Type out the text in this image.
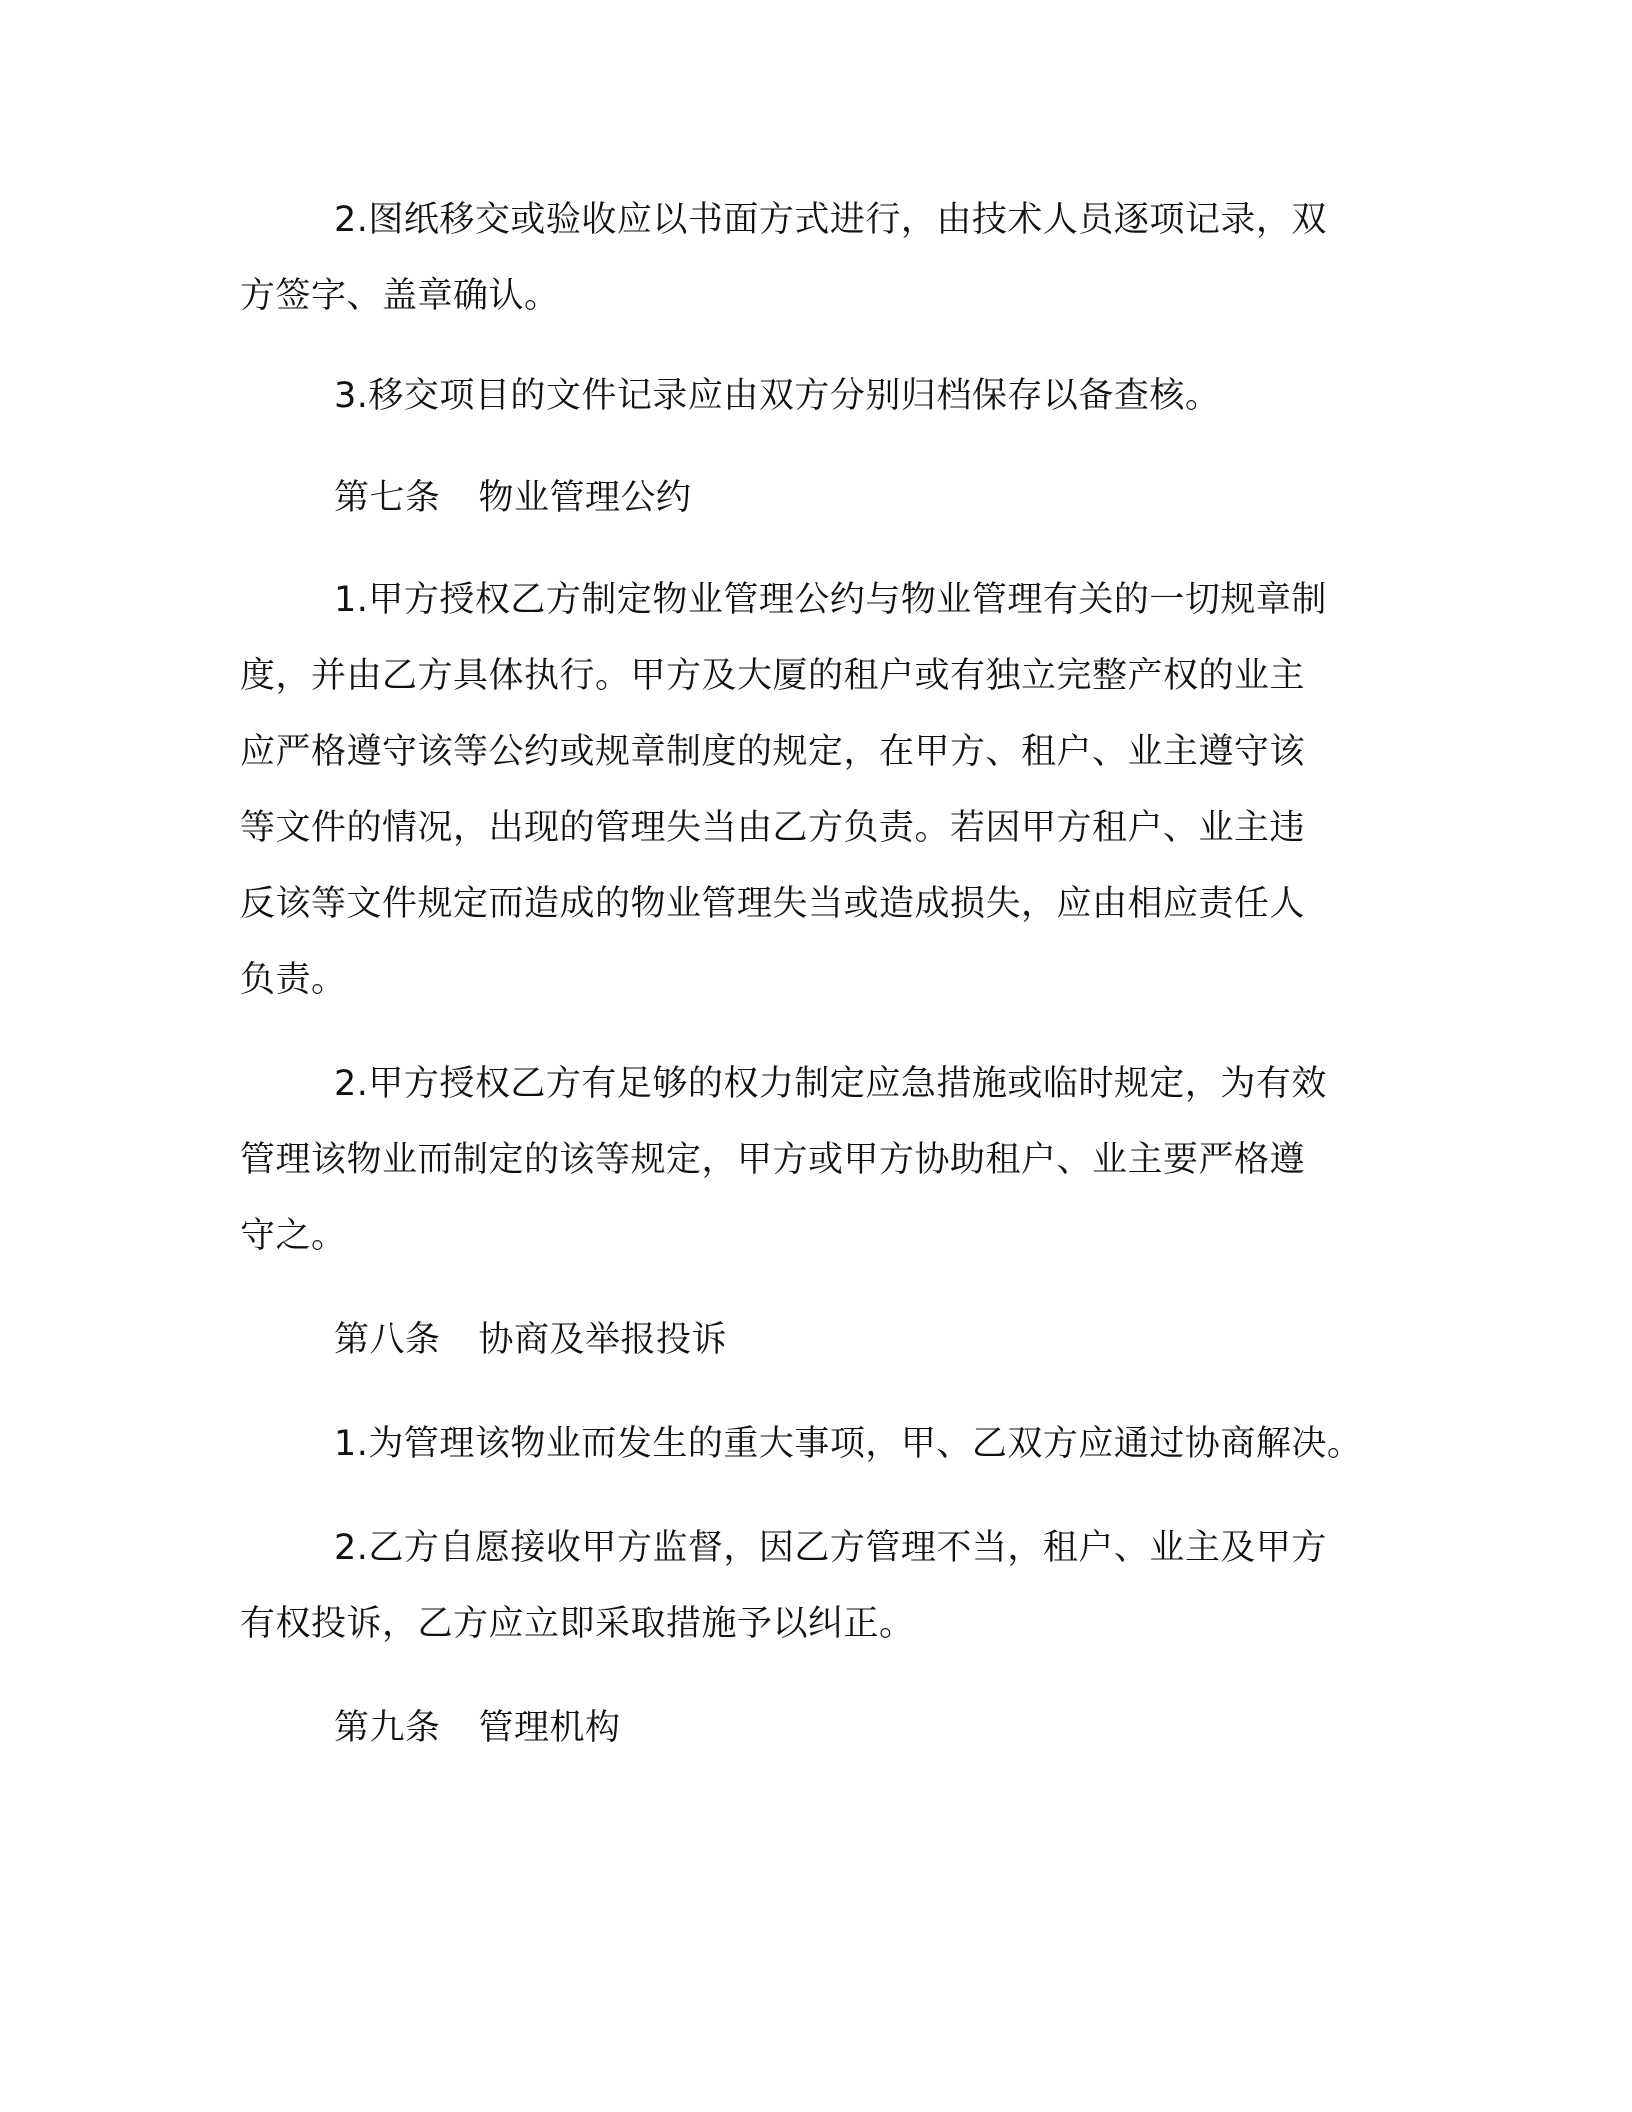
2.图纸移交或验收应以书面方式进行，由技术人员逐项记录，双
方签字、盖章确认。
3.移交项目的文件记录应由双方分别归档保存以备查核。
第七条 物业管理公约
1.甲方授权乙方制定物业管理公约与物业管理有关的一切规章制
度，并由乙方具体执行。甲方及大厦的租户或有独立完整产权的业主
应严格遵守该等公约或规章制度的规定，在甲方、租户、业主遵守该
等文件的情况，出现的管理失当由乙方负责。若因甲方租户、业主违
反该等文件规定而造成的物业管理失当或造成损失，应由相应责任人
负责。
2.甲方授权乙方有足够的权力制定应急措施或临时规定，为有效
管理该物业而制定的该等规定，甲方或甲方协助租户、业主要严格遵
守之。
第八条 协商及举报投诉
1.为管理该物业而发生的重大事项，甲、乙双方应通过协商解决。
2.乙方自愿接收甲方监督，因乙方管理不当，租户、业主及甲方
有权投诉，乙方应立即采取措施予以纠正。
第九条 管理机构
